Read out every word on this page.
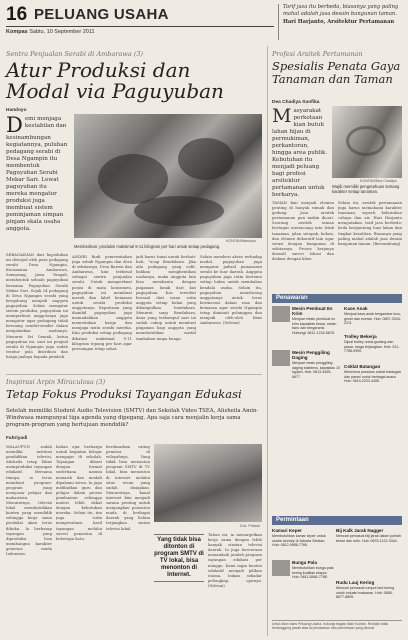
16 PELUANG USAHA
Kompas Sabtu, 10 September 2011
Tarif jasa itu berbeda, biasanya yang paling mahal adalah jasa desain bangunan taman.
Hari Harjanto, Arsitektur Pertamanan
Sentra Penjualan Serabi di Ambarawa (3)
Atur Produksi dan Modal via Paguyuban
Handoyo
Demi menjaga kestabilan dan kesinambungan kegiatannya, puluhan pedagang serabi di Desa Ngampin itu membentuk Paguyuban Serabi Mekar Sari. Lewat paguyuban itu mereka mengatur produksi juga membuat sistem peminjaman simpan pinjam skala usaha anggota.
KONTAN/Handoyo
Memberikan: produksi maksimal 9-11 kilogram per hari untuk setiap pedagang.
SEBAGAIMAN dari kepedulian ini diwujud oleh para pedagang serabi Desa Ngampin, Kecamatan Ambarawa, Semarang, Jawa Tengah, membentuk sebuah paguyuban bernama Paguyuban Serabi Mekar Sari. Sejak 24 pedagang di Desa Ngampin serabi yang bergabung menjadi anggota paguyuban. Selain mengatur sistem produksi, paguyuban ini memperkuat anggotanya juga mengatur agar pedagang tidak bersaing sendiri-sendiri dalam menjalankan usahanya. Menurut Sri Gemah, ketua paguyuban ini, saat ini penjual serabi di Ngampin juga sudah teratur pola distribusi dan harga jualnya kepada pembeli.
ANDIRI Budi pemerintahan juga sebab Ngampin dan desa di sekitarnya, Desa Bawen dan Ambarawa, kini terkenal sebagai sentra penjualan serabi. Untuk memperkuat posisi di mata konsumen, paguyuban ini membuat merek dan label kemasan untuk serabi produksi anggotanya. Keputusan yang diambil paguyuban juga memudahkan anggota menentukan harga dan menjaga mutu serabi mereka. Kini produksi setiap pedagang dibatasi maksimal 9-11 kilogram tepung per hari agar persaingan tetap sehat.
jadi harus tunai untuk berhati-hati, "ucap Bendahara. Jika ada pedagang yang sulit, bahkan menghentikan usahanya, maka anggota lain bisa membantu dengan pinjaman lunak dari kas paguyuban. Kas tersebut berasal dari iuran rutin anggota setiap bulan yang dikumpulkan bendahara. Menurut sang Bendahara, dana yang terkumpul saat ini sudah cukup untuk memberi pinjaman bagi anggota yang membutuhkan modal tambahan tanpa bunga.
Selain memberi akses terhadap modal, paguyuban juga mengatur jadwal pemasaran serabi ke luar daerah. Anggota paguyuban juga rutin bertemu setiap bulan untuk membahas kendala usaha. Selain itu, paguyuban mendorong anggotanya untuk terus berinovasi dalam rasa dan kemasan agar serabi Ngampin tetap diminati pelanggan dan menjadi oleh-oleh khas Ambarawa. (Selesai)
Inspirasi Arpin Miraculosa (3)
Tetap Fokus Produksi Tayangan Edukasi
Setelah memiliki Student Audio Television (SMTV) dan Sekolah Video TSEA, Alisheila Amin-Windwasa mempunyai tiga agenda yang dipegang. Apa saja cara menjalin kerja sama program-program yang bertujuan mendidik?
Fahriyadi
WALAUPUN sudah memiliki institusi pendidikan televisi, Alisheila tetap fokus memproduksi tayangan edukatif. Bersama timnya, ia terus membuat program-program yang menyasar pelajar dan mahasiswa. Menurutnya, televisi lokal membutuhkan konten yang mendidik sehingga kerja sama produksi akan terus dibuka. Ia berharap tayangan yang diproduksi bisa membangun karakter generasi muda Indonesia.
bahan ajar berharga untuk kegiatan belajar mengajar di sekolah. Tayangan dibuat dengan format sederhana namun menarik dan mudah dipahami siswa. Ia juga melibatkan guru dan pelajar dalam proses pembuatan sehingga materi lebih dekat dengan kebutuhan mereka. Selain itu, tim juga rutin mengevaluasi hasil tayangan melalui survei penonton di beberapa kota.
berdasarkan rating pemirsa di wilayahnya. Yang tidak bisa menonton program SMTV di TV lokal, bisa menonton di internet melalui situs resmi yang sudah disiapkan. Menurutnya, kanal internet kini menjadi sarana penting untuk menjangkau penonton muda di berbagai daerah yang belum terjangkau siaran televisi lokal.	Dok. Pribadi
Yang tidak bisa ditonton di program SMTV di TV lokal, bisa menonton di Internet.
Tahun ini, ia menargetkan kerja sama dengan lebih banyak stasiun televisi daerah. Ia juga berencana menambah jumlah program tayangan edukasi per minggu. Kami ingin konten edukatif menjadi pilihan utama, bukan sekadar pelengkap, ujarnya. (Selesai)
Profesi Arsitek Pertamanan
Spesialis Penata Gaya Tanaman dan Taman
Dea Chadiya Sunfika
Masyarakat perkotaan kian butuh lahan hijau di permukiman, perkantoran, hingga area publik. Kebutuhan itu menjadi peluang bagi profesi arsitektur pertamanan untuk berkarya.
KONTAN/Dea Chadiya
Wajib memiliki pengetahuan tentang karakter setiap tanaman.
TAMAN kini menjadi elemen penting di banyak rumah dan gedung. Jasa arsitek pertamanan pun makin dicari. Seorang arsitek taman bertugas merancang tata letak tanaman, jalan setapak, kolam, dan elemen dekoratif lain agar serasi dengan bangunan di sekitarnya. Proses kerjanya diawali survei lokasi dan diskusi dengan klien.
Selain itu, arsitek pertamanan juga harus memahami karakter tanaman, seperti kebutuhan cahaya dan air. Hari Harjanto mengatakan, tarif jasa berbeda-beda bergantung luas lahan dan tingkat kesulitan. Biasanya yang paling mahal adalah jasa desain bangunan taman. (Bersambung)
Penawaran
Mesin Pembuat Es Krim
Menjual mesin pembuat es krim kapasitas besar, mesin baru dan bergaransi. Hubungi: 0812-1234-5678.
Kaos Anak
Menjual kaos anak bergambar lucu, grosir dan eceran. Hub: 0857-3344-2211.
Trolley Bekerja
Dijual trolley untuk gudang dan pasar, harga terjangkau. Hub: 021-7788-9900.
Mesin Penggiling Daging
Menjual mesin penggiling daging stainless, kapasitas 10 kg/jam. Hub: 0813-4455-6677.
Coklat Batangan
Menerima pesanan coklat batangan dan parsel untuk berbagai acara. Hub: 0819-2233-4455.
Permintaan
Kamari Keper
Membutuhkan kamar keper untuk usaha laundry di Jakarta Selatan. Hub: 0812-9988-7766.
Bij Kalk Jarak Nagger
Mencari pemasok biji jarak dalam jumlah besar dan rutin. Hub: 0878-1122-3344.
Bunga Pala
Membutuhkan bunga pala kering kualitas ekspor. Hub: 0811-5566-7788.
Rudu Lauj Kering
Mencari pemasok rumput laut kering untuk industri makanan. Hub: 0856-6677-8899.
Untuk iklan baris Peluang Usaha, hubungi bagian iklan Kontan. Redaksi tidak bertanggung jawab atas isi penawaran dan permintaan yang dimuat.
